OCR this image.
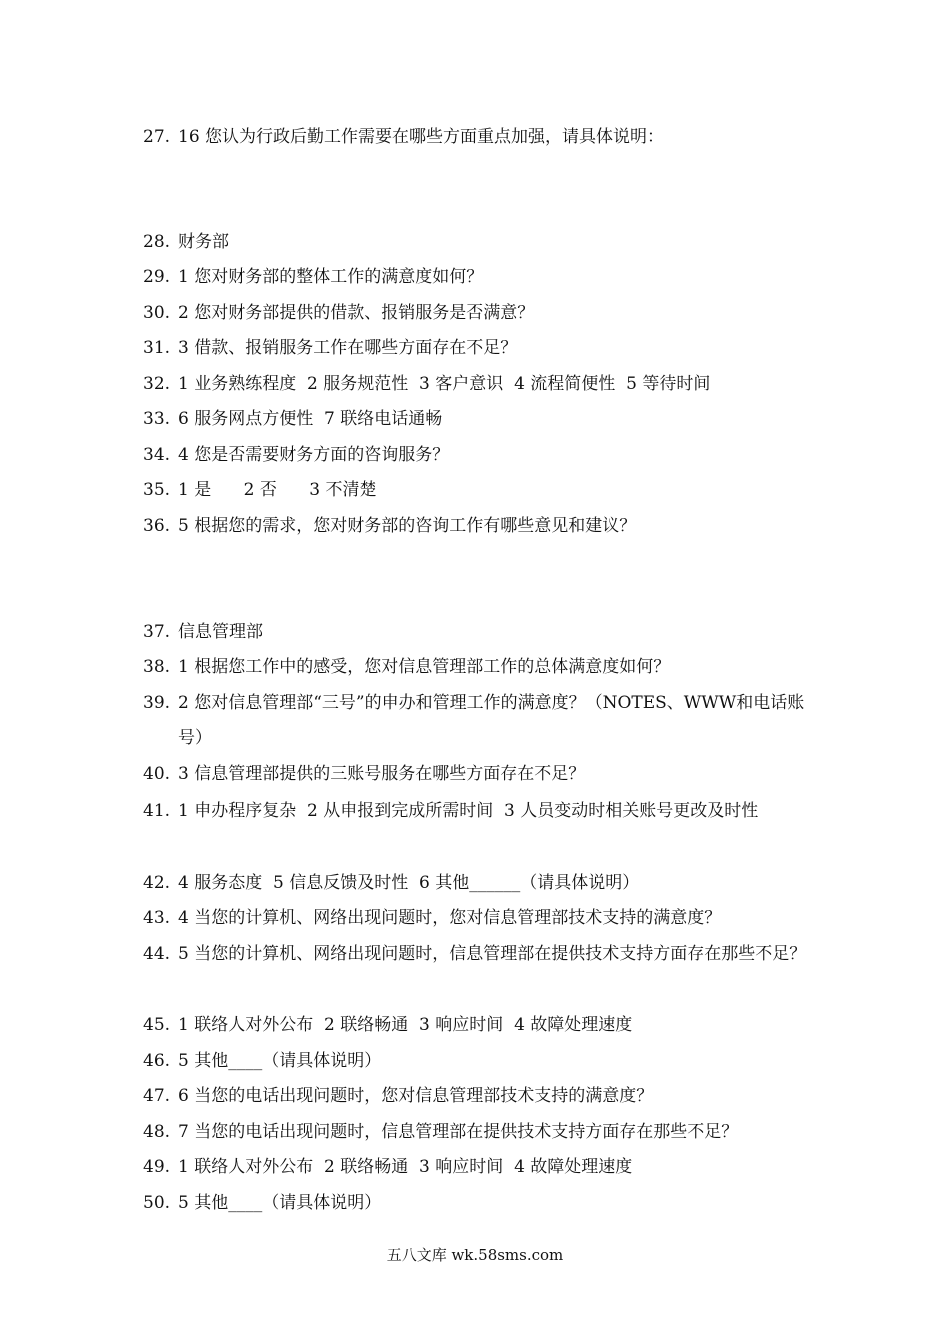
27. 16 您认为行政后勤工作需要在哪些方面重点加强，请具体说明：
28. 财务部
29. 1 您对财务部的整体工作的满意度如何？
30. 2 您对财务部提供的借款、报销服务是否满意？
31. 3 借款、报销服务工作在哪些方面存在不足？
32. 1 业务熟练程度  2 服务规范性  3 客户意识  4 流程简便性  5 等待时间
33. 6 服务网点方便性  7 联络电话通畅
34. 4 您是否需要财务方面的咨询服务？
35. 1 是      2 否      3 不清楚
36. 5 根据您的需求，您对财务部的咨询工作有哪些意见和建议？
37. 信息管理部
38. 1 根据您工作中的感受，您对信息管理部工作的总体满意度如何？
39. 2 您对信息管理部“三号”的申办和管理工作的满意度？（NOTES、WWW和电话账号）
40. 3 信息管理部提供的三账号服务在哪些方面存在不足？
41. 1 申办程序复杂  2 从申报到完成所需时间  3 人员变动时相关账号更改及时性
42. 4 服务态度  5 信息反馈及时性  6 其他______（请具体说明）
43. 4 当您的计算机、网络出现问题时，您对信息管理部技术支持的满意度？
44. 5 当您的计算机、网络出现问题时，信息管理部在提供技术支持方面存在那些不足？
45. 1 联络人对外公布  2 联络畅通  3 响应时间  4 故障处理速度
46. 5 其他____（请具体说明）
47. 6 当您的电话出现问题时，您对信息管理部技术支持的满意度？
48. 7 当您的电话出现问题时，信息管理部在提供技术支持方面存在那些不足？
49. 1 联络人对外公布  2 联络畅通  3 响应时间  4 故障处理速度
50. 5 其他____（请具体说明）
五八文库 wk.58sms.com
